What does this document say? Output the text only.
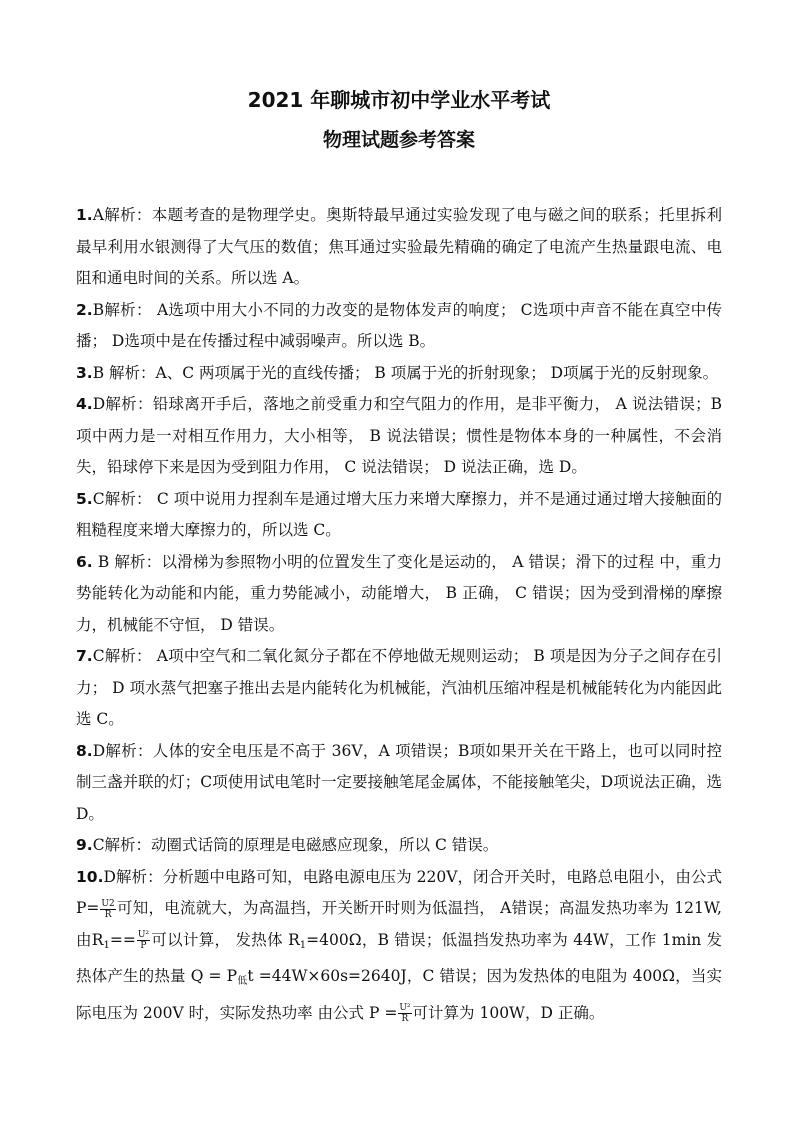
2021 年聊城市初中学业水平考试
物理试题参考答案

1.A解析：本题考查的是物理学史。奥斯特最早通过实验发现了电与磁之间的联系；托里拆利最早利用水银测得了大气压的数值；焦耳通过实验最先精确的确定了电流产生热量跟电流、电阻和通电时间的关系。所以选 A。

2.B解析： A选项中用大小不同的力改变的是物体发声的响度； C选项中声音不能在真空中传播； D选项中是在传播过程中减弱噪声。所以选 B。

3.B 解析：A、C 两项属于光的直线传播； B 项属于光的折射现象； D项属于光的反射现象。

4.D解析：铅球离开手后，落地之前受重力和空气阻力的作用，是非平衡力， A 说法错误；B 项中两力是一对相互作用力，大小相等， B 说法错误；惯性是物体本身的一种属性，不会消失，铅球停下来是因为受到阻力作用， C 说法错误； D 说法正确，选 D。

5.C解析： C 项中说用力捏刹车是通过增大压力来增大摩擦力，并不是通过通过增大接触面的粗糙程度来增大摩擦力的，所以选 C。

6. B 解析：以滑梯为参照物小明的位置发生了变化是运动的， A 错误；滑下的过程 中，重力势能转化为动能和内能，重力势能减小，动能增大， B 正确， C 错误；因为受到滑梯的摩擦力，机械能不守恒， D 错误。

7.C解析： A项中空气和二氧化氮分子都在不停地做无规则运动； B 项是因为分子之间存在引力； D 项水蒸气把塞子推出去是内能转化为机械能，汽油机压缩冲程是机械能转化为内能因此选 C。

8.D解析：人体的安全电压是不高于 36V，A 项错误；B项如果开关在干路上，也可以同时控制三盏并联的灯；C项使用试电笔时一定要接触笔尾金属体，不能接触笔尖，D项说法正确，选 D。

9.C解析：动圈式话筒的原理是电磁感应现象，所以 C 错误。

10.D解析：分析题中电路可知，电路电源电压为 220V，闭合开关时，电路总电阻小，由公式$P= \frac{U2}{R}$ 可知，电流就大，为高温挡，开关断开时则为低温挡， A错误；高温发热功率为 121W,由$R_1== \frac{\text{U²}}{P}$ 可以计算， 发热体 $R_1=400\Omega$，B 错误；低温挡发热功率为 44W，工作 1min 发热体产生的热量 $Q = P_低t =44W\times 60s=2640J$，C 错误；因为发热体的电阻为 400Ω，当实际电压为 200V 时，实际发热功率 由公式 $P = \frac{\text{U²}}{R}$ 可计算为 100W，D 正确。
